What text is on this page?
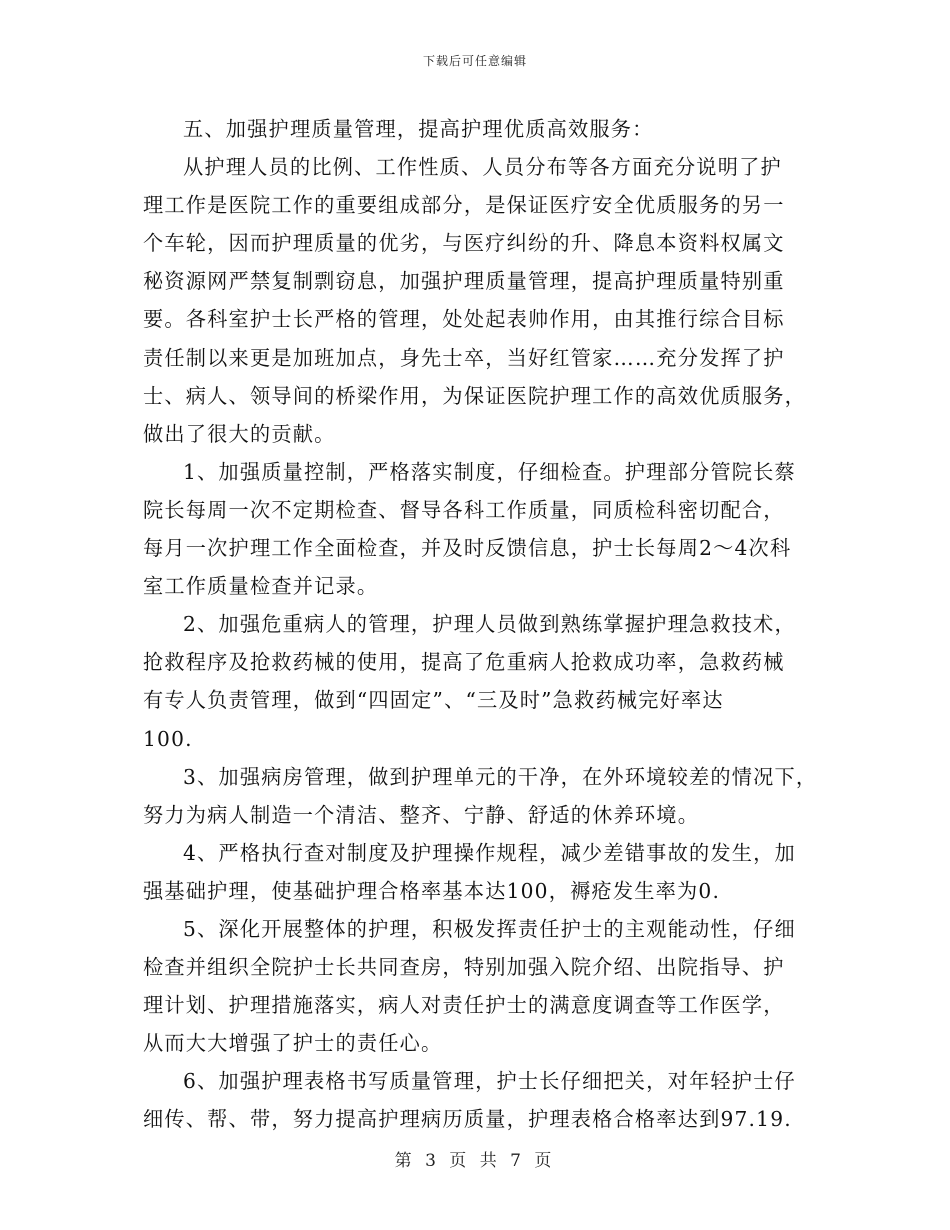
下载后可任意编辑
五、加强护理质量管理，提高护理优质高效服务：
从护理人员的比例、工作性质、人员分布等各方面充分说明了护
理工作是医院工作的重要组成部分，是保证医疗安全优质服务的另一
个车轮，因而护理质量的优劣，与医疗纠纷的升、降息本资料权属文
秘资源网严禁复制剽窃息，加强护理质量管理，提高护理质量特别重
要。各科室护士长严格的管理，处处起表帅作用，由其推行综合目标
责任制以来更是加班加点，身先士卒，当好红管家……充分发挥了护
士、病人、领导间的桥梁作用，为保证医院护理工作的高效优质服务，
做出了很大的贡献。
1、加强质量控制，严格落实制度，仔细检查。护理部分管院长蔡
院长每周一次不定期检查、督导各科工作质量，同质检科密切配合，
每月一次护理工作全面检查，并及时反馈信息，护士长每周2～4次科
室工作质量检查并记录。
2、加强危重病人的管理，护理人员做到熟练掌握护理急救技术，
抢救程序及抢救药械的使用，提高了危重病人抢救成功率，急救药械
有专人负责管理，做到“四固定”、“三及时”急救药械完好率达
100.
3、加强病房管理，做到护理单元的干净，在外环境较差的情况下，
努力为病人制造一个清洁、整齐、宁静、舒适的休养环境。
4、严格执行查对制度及护理操作规程，减少差错事故的发生，加
强基础护理，使基础护理合格率基本达100，褥疮发生率为0.
5、深化开展整体的护理，积极发挥责任护士的主观能动性，仔细
检查并组织全院护士长共同查房，特别加强入院介绍、出院指导、护
理计划、护理措施落实，病人对责任护士的满意度调查等工作医学，
从而大大增强了护士的责任心。
6、加强护理表格书写质量管理，护士长仔细把关，对年轻护士仔
细传、帮、带，努力提高护理病历质量，护理表格合格率达到97.19.
第 3 页 共 7 页
